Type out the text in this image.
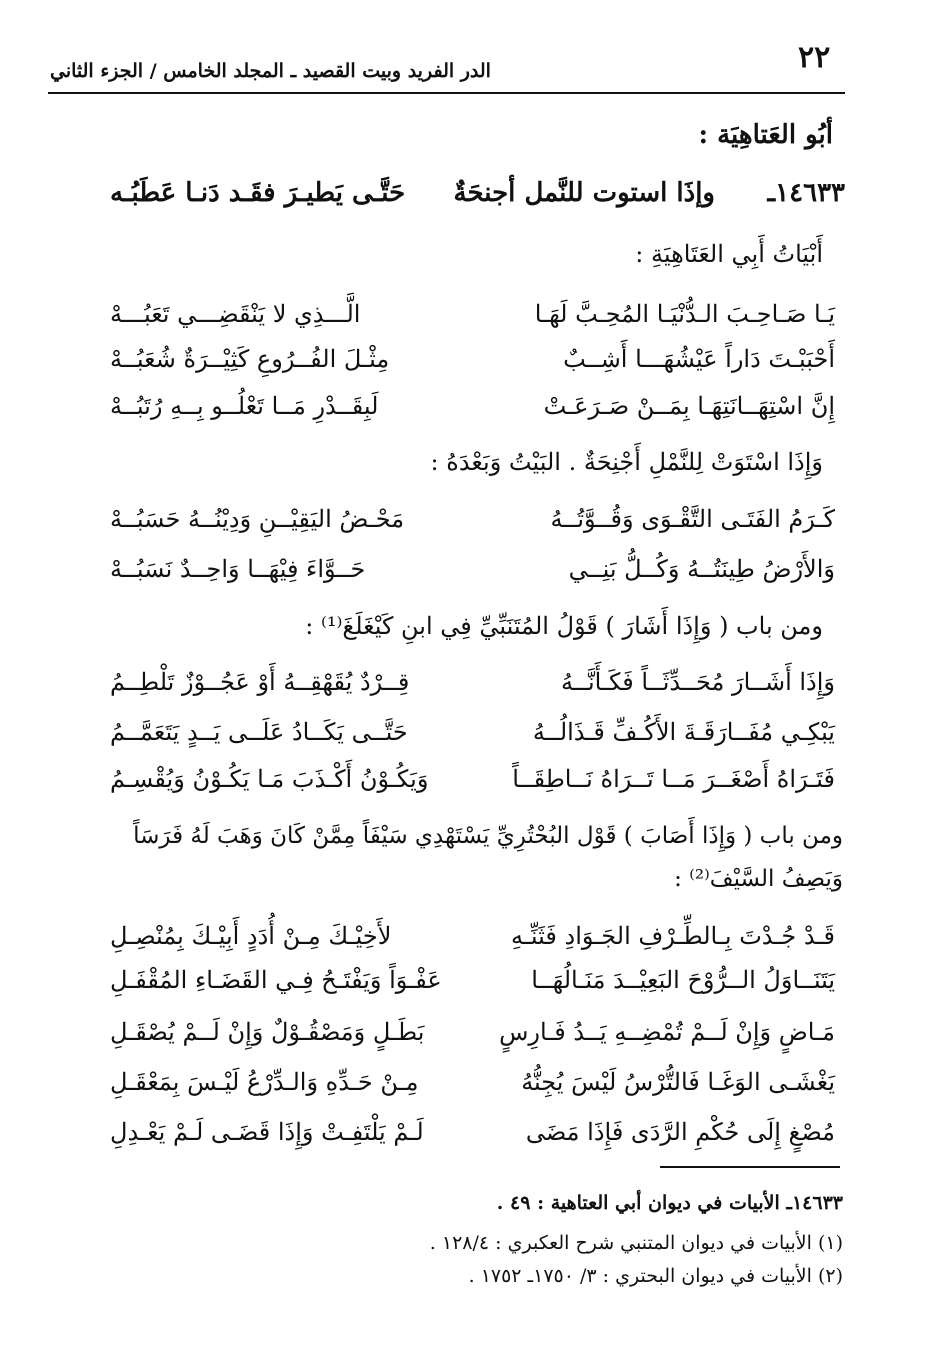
٢٢
الدر الفريد وبيت القصيد ـ المجلد الخامس / الجزء الثاني
أبُو العَتاهِيَة :
١٤٦٣٣ـ
وإذَا استوت للنَّمل أجنحَةٌ
حَتَّـى يَطيـرَ فقَـد دَنـا عَطَبُـه
أَبْيَاتُ أَبِي العَتَاهِيَةِ :
يَـا صَـاحِـبَ الـدُّنْيَـا المُحِـبَّ لَهَـا
الَّـــذِي لا يَنْقَضِـــي تَعَبُـــهْ
أَحْبَبْـتَ دَاراً عَيْشُهَـــا أَشِــبٌ
مِثْـلَ الفُــرُوعِ كَثِيْــرَةٌ شُعَبُــهْ
إِنَّ اسْتِهَــانَتِهَـا بِمَــنْ صَـرَعَـتْ
لَبِقَــدْرِ مَــا تَعْلُــو بِــهِ رُتَبُــهْ
وَإِذَا اسْتَوَتْ لِلنَّمْلِ أَجْنِحَةٌ . البَيْتُ وَبَعْدَهُ :
كَـرَمُ الفَتَـى التَّقْـوَى وَقُــوَّتُــهُ
مَحْـضُ اليَقِيْــنِ وَدِيْنُــهُ حَسَبُــهْ
وَالأَرْضُ طِينَتُــهُ وَكُــلُّ بَنِــي
حَــوَّاءَ فِيْهَــا وَاحِــدٌ نَسَبُــهْ
ومن باب ( وَإِذَا أَشَارَ ) قَوْلُ المُتَنَبِّيِّ فِي ابنِ كَيْغَلَغَ⁽¹⁾ :
وَإِذَا أَشَــارَ مُحَــدِّثَــاً فَكَـأَنَّــهُ
قِــرْدٌ يُقَهْقِــهُ أَوْ عَجُــوْزٌ تَلْطِــمُ
يَبْكِـي مُفَــارَقَـةَ الأَكُـفِّ قَـذَالُــهُ
حَتَّــى يَكَــادُ عَلَــى يَــدٍ يَتَعَمَّــمُ
فَتَـرَاهُ أَصْغَــرَ مَــا تَــرَاهُ نَــاطِقَــاً
وَيَكُـوْنُ أَكْـذَبَ مَـا يَكُـوْنُ وَيُقْسِـمُ
ومن باب ( وَإِذَا أَصَابَ ) قَوْل البُحْتُرِيِّ يَسْتَهْدِي سَيْفَاً مِمَّنْ كَانَ وَهَبَ لَهُ فَرَسَاً
وَيَصِفُ السَّيْفَ⁽²⁾ :
قَـدْ جُـدْتَ بِـالطِّـرْفِ الجَـوَادِ فَثَنِّـهِ
لأَخِيْـكَ مِـنْ أُدَدٍ أَبِيْـكَ بِمُنْصِـلِ
يَتَنَــاوَلُ الــرُّوْحَ البَعِيْــدَ مَنَـالُهَــا
عَفْـوَاً وَيَفْتَـحُ فِـي القَضَـاءِ المُقْفَـلِ
مَـاضٍ وَإِنْ لَــمْ تُمْضِــهِ يَــدُ فَـارِسٍ
بَطَـلٍ وَمَصْقُـوْلٌ وَإِنْ لَــمْ يُصْقَـلِ
يَغْشَـى الوَغَـا فَالتُّرْسُ لَيْسَ يُجِنُّهُ
مِـنْ حَـدِّهِ وَالـدِّرْعُ لَيْـسَ بِمَعْقَـلِ
مُصْغٍ إِلَى حُكْمِ الرَّدَى فَإِذَا مَضَى
لَـمْ يَلْتَفِـتْ وَإِذَا قَضَـى لَـمْ يَعْـدِلِ
١٤٦٣٣ـ الأبيات في ديوان أبي العتاهية : ٤٩ .
(١) الأبيات في ديوان المتنبي شرح العكبري : ١٢٨/٤ .
(٢) الأبيات في ديوان البحتري : ٣/ ١٧٥٠ـ ١٧٥٢ .
